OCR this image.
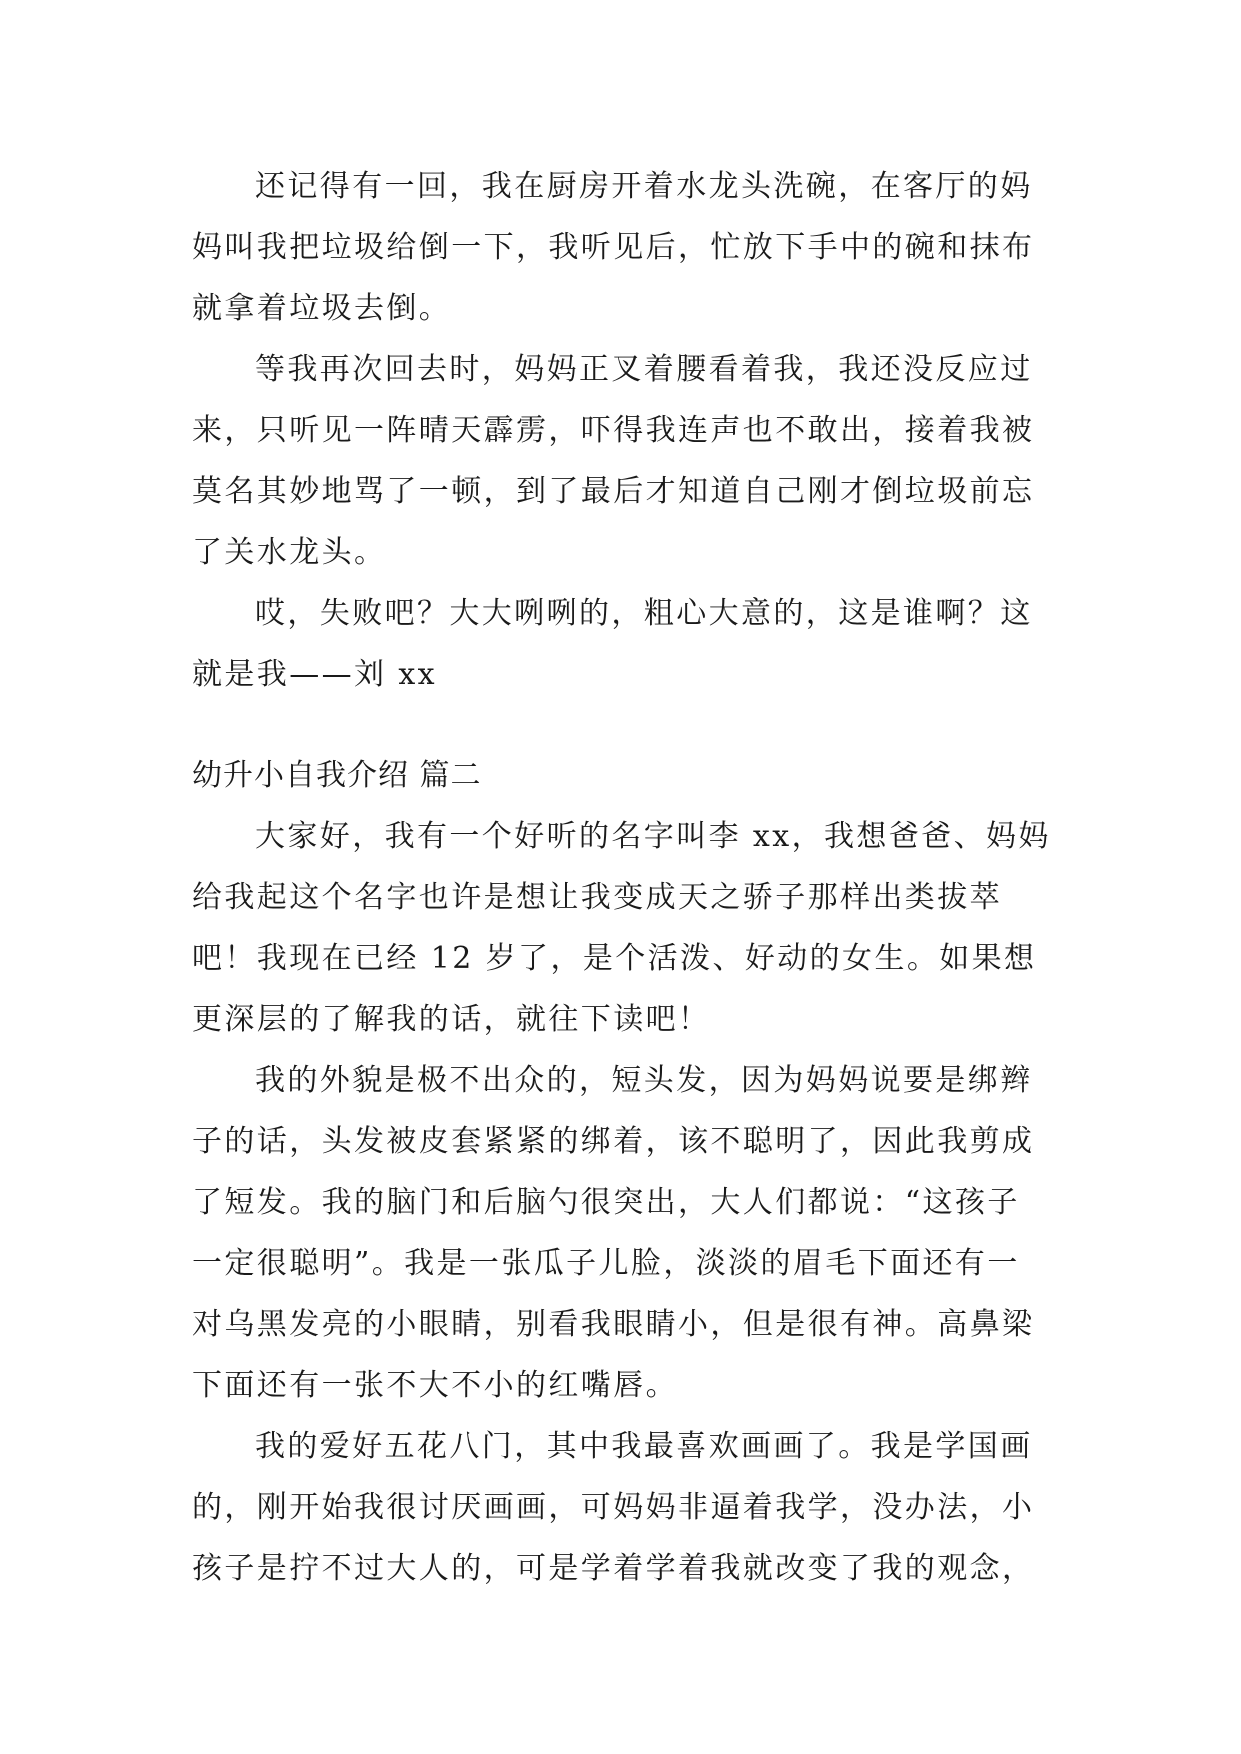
还记得有一回，我在厨房开着水龙头洗碗，在客厅的妈
妈叫我把垃圾给倒一下，我听见后，忙放下手中的碗和抹布
就拿着垃圾去倒。
等我再次回去时，妈妈正叉着腰看着我，我还没反应过
来，只听见一阵晴天霹雳，吓得我连声也不敢出，接着我被
莫名其妙地骂了一顿，到了最后才知道自己刚才倒垃圾前忘
了关水龙头。
哎，失败吧？大大咧咧的，粗心大意的，这是谁啊？这
就是我——刘 xx
幼升小自我介绍 篇二
大家好，我有一个好听的名字叫李 xx，我想爸爸、妈妈
给我起这个名字也许是想让我变成天之骄子那样出类拔萃
吧！我现在已经 12 岁了，是个活泼、好动的女生。如果想
更深层的了解我的话，就往下读吧！
我的外貌是极不出众的，短头发，因为妈妈说要是绑辫
子的话，头发被皮套紧紧的绑着，该不聪明了，因此我剪成
了短发。我的脑门和后脑勺很突出，大人们都说：“这孩子
一定很聪明”。我是一张瓜子儿脸，淡淡的眉毛下面还有一
对乌黑发亮的小眼睛，别看我眼睛小，但是很有神。高鼻梁
下面还有一张不大不小的红嘴唇。
我的爱好五花八门，其中我最喜欢画画了。我是学国画
的，刚开始我很讨厌画画，可妈妈非逼着我学，没办法，小
孩子是拧不过大人的，可是学着学着我就改变了我的观念，
